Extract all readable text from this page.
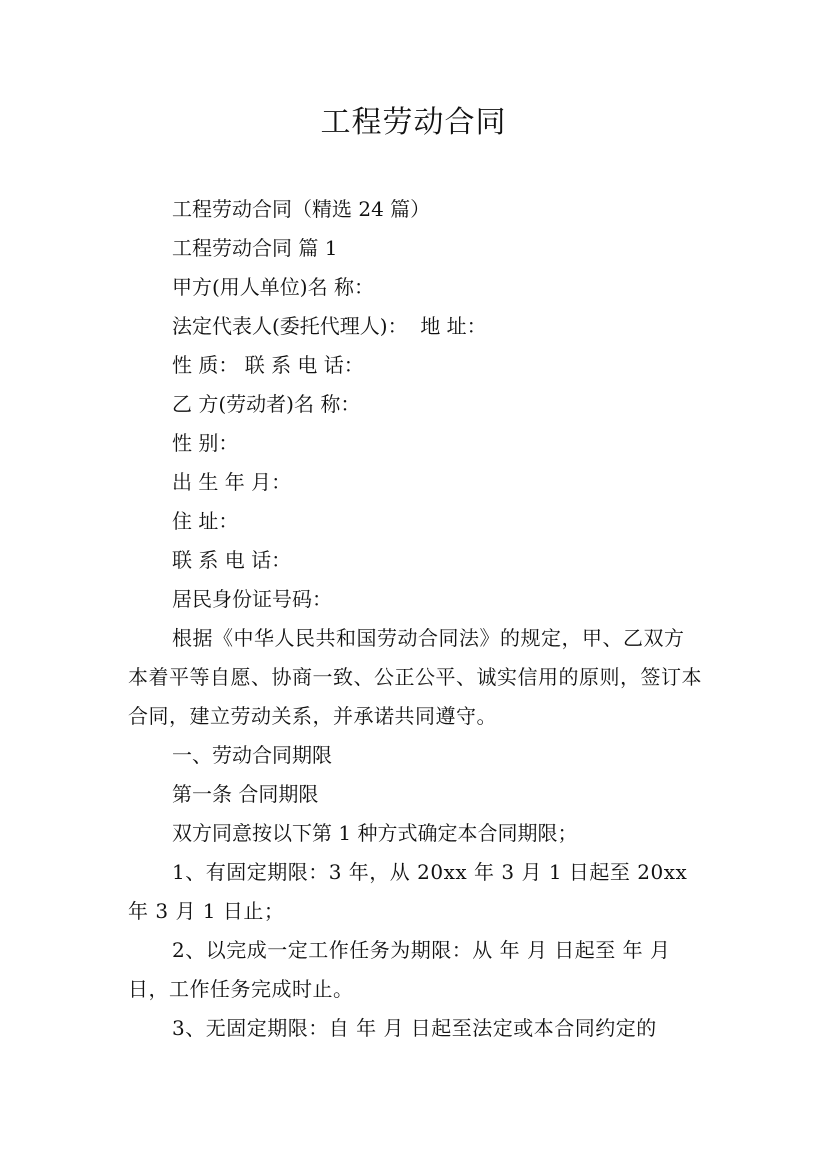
工程劳动合同

工程劳动合同（精选 24 篇）

工程劳动合同 篇 1

甲方(用人单位)名 称：

法定代表人(委托代理人)：  地 址：

性 质： 联 系 电 话：

乙 方(劳动者)名 称：

性 别：

出 生 年 月：

住 址：

联 系 电 话：

居民身份证号码：

根据《中华人民共和国劳动合同法》的规定，甲、乙双方本着平等自愿、协商一致、公正公平、诚实信用的原则，签订本合同，建立劳动关系，并承诺共同遵守。

一、劳动合同期限

第一条 合同期限

双方同意按以下第 1 种方式确定本合同期限；

1、有固定期限：3 年，从 20xx 年 3 月 1 日起至 20xx 年 3 月 1 日止；

2、以完成一定工作任务为期限：从 年 月 日起至 年 月 日，工作任务完成时止。

3、无固定期限：自 年 月 日起至法定或本合同约定的
